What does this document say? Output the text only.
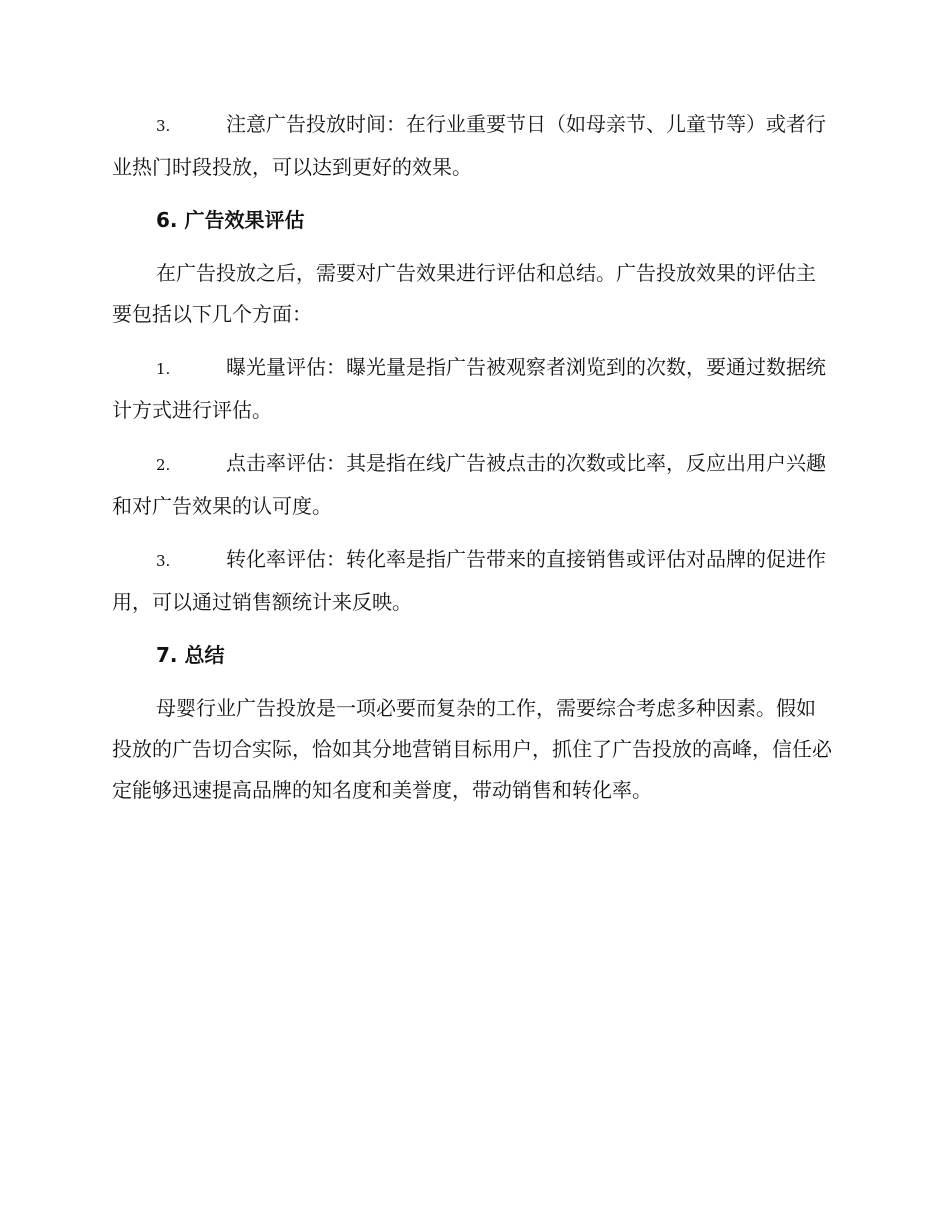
3.	注意广告投放时间：在行业重要节日（如母亲节、儿童节等）或者行业热门时段投放，可以达到更好的效果。

6. 广告效果评估

在广告投放之后，需要对广告效果进行评估和总结。广告投放效果的评估主要包括以下几个方面：

1.	曝光量评估：曝光量是指广告被观察者浏览到的次数，要通过数据统计方式进行评估。

2.	点击率评估：其是指在线广告被点击的次数或比率，反应出用户兴趣和对广告效果的认可度。

3.	转化率评估：转化率是指广告带来的直接销售或评估对品牌的促进作用，可以通过销售额统计来反映。

7. 总结

母婴行业广告投放是一项必要而复杂的工作，需要综合考虑多种因素。假如投放的广告切合实际，恰如其分地营销目标用户，抓住了广告投放的高峰，信任必定能够迅速提高品牌的知名度和美誉度，带动销售和转化率。
